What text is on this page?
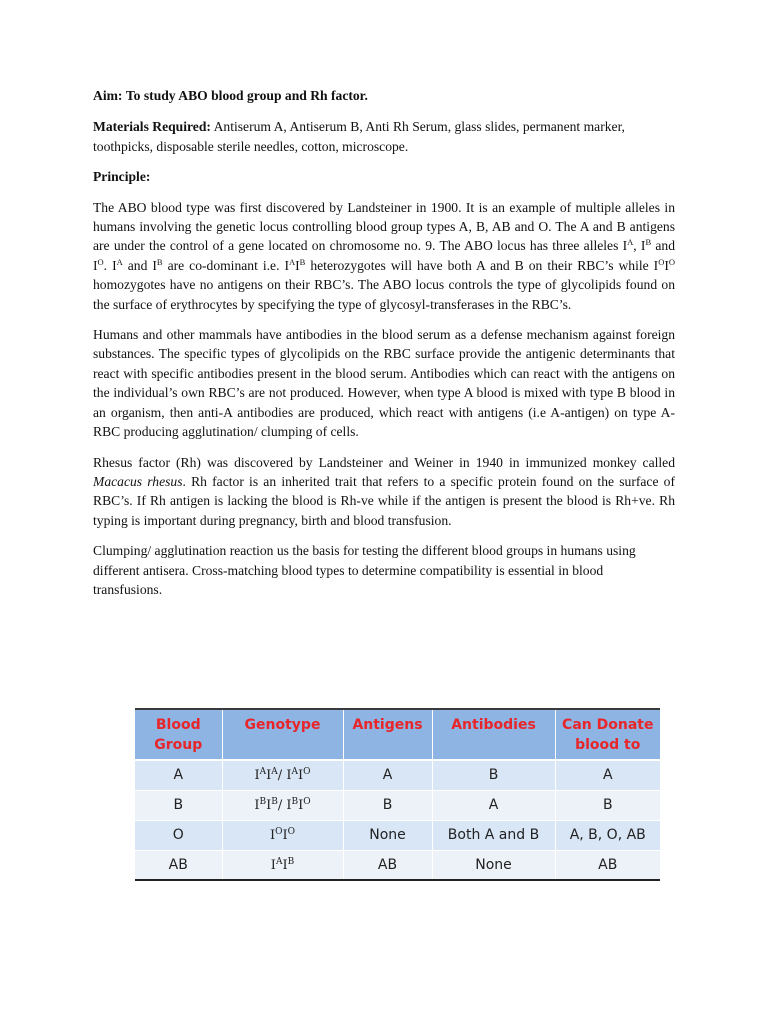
Aim: To study ABO blood group and Rh factor.

Materials Required: Antiserum A, Antiserum B, Anti Rh Serum, glass slides, permanent marker, toothpicks, disposable sterile needles, cotton, microscope.

Principle:

The ABO blood type was first discovered by Landsteiner in 1900. It is an example of multiple alleles in humans involving the genetic locus controlling blood group types A, B, AB and O. The A and B antigens are under the control of a gene located on chromosome no. 9. The ABO locus has three alleles $I^A$, $I^B$ and $I^O$. $I^A$ and $I^B$ are co-dominant i.e. $I^AI^B$ heterozygotes will have both A and B on their RBC’s while $I^OI^O$ homozygotes have no antigens on their RBC’s. The ABO locus controls the type of glycolipids found on the surface of erythrocytes by specifying the type of glycosyl-transferases in the RBC’s.

Humans and other mammals have antibodies in the blood serum as a defense mechanism against foreign substances. The specific types of glycolipids on the RBC surface provide the antigenic determinants that react with specific antibodies present in the blood serum. Antibodies which can react with the antigens on the individual’s own RBC’s are not produced. However, when type A blood is mixed with type B blood in an organism, then anti-A antibodies are produced, which react with antigens (i.e A-antigen) on type A- RBC producing agglutination/ clumping of cells.

Rhesus factor (Rh) was discovered by Landsteiner and Weiner in 1940 in immunized monkey called Macacus rhesus. Rh factor is an inherited trait that refers to a specific protein found on the surface of RBC’s. If Rh antigen is lacking the blood is Rh-ve while if the antigen is present the blood is Rh+ve. Rh typing is important during pregnancy, birth and blood transfusion.

Clumping/ agglutination reaction us the basis for testing the different blood groups in humans using different antisera. Cross-matching blood types to determine compatibility is essential in blood transfusions.

Blood Group	Genotype	Antigens	Antibodies	Can Donate blood to
A	$I^AI^A/$ $I^AI^O$	A	B	A
B	$I^BI^B/$ $I^BI^O$	B	A	B
O	$I^OI^O$	None	Both A and B	A, B, O, AB
AB	$I^AI^B$	AB	None	AB
